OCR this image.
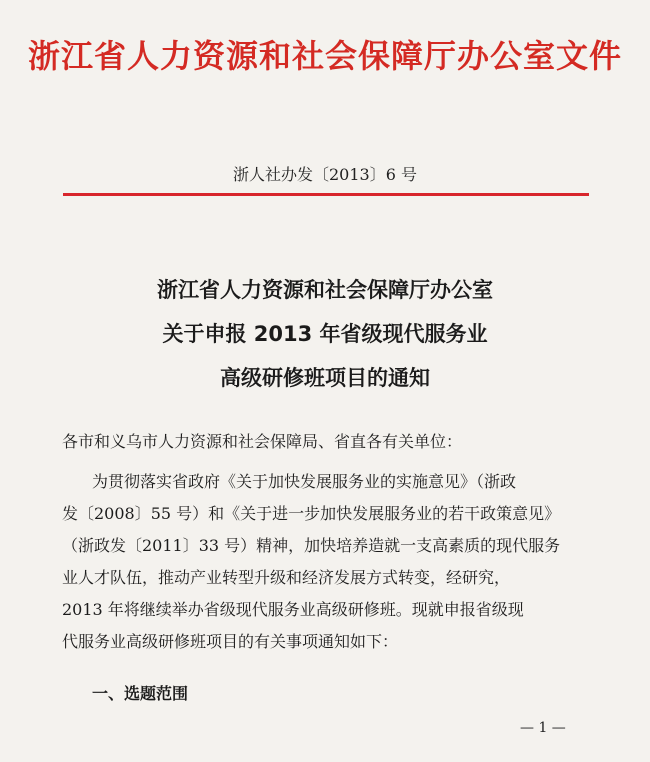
浙江省人力资源和社会保障厅办公室文件
浙人社办发〔2013〕6 号
浙江省人力资源和社会保障厅办公室
关于申报 2013 年省级现代服务业
高级研修班项目的通知
各市和义乌市人力资源和社会保障局、省直各有关单位：
为贯彻落实省政府《关于加快发展服务业的实施意见》（浙政
发〔2008〕55 号）和《关于进一步加快发展服务业的若干政策意见》
（浙政发〔2011〕33 号）精神，加快培养造就一支高素质的现代服务
业人才队伍，推动产业转型升级和经济发展方式转变，经研究，
2013 年将继续举办省级现代服务业高级研修班。现就申报省级现
代服务业高级研修班项目的有关事项通知如下：
一、选题范围
— 1 —
